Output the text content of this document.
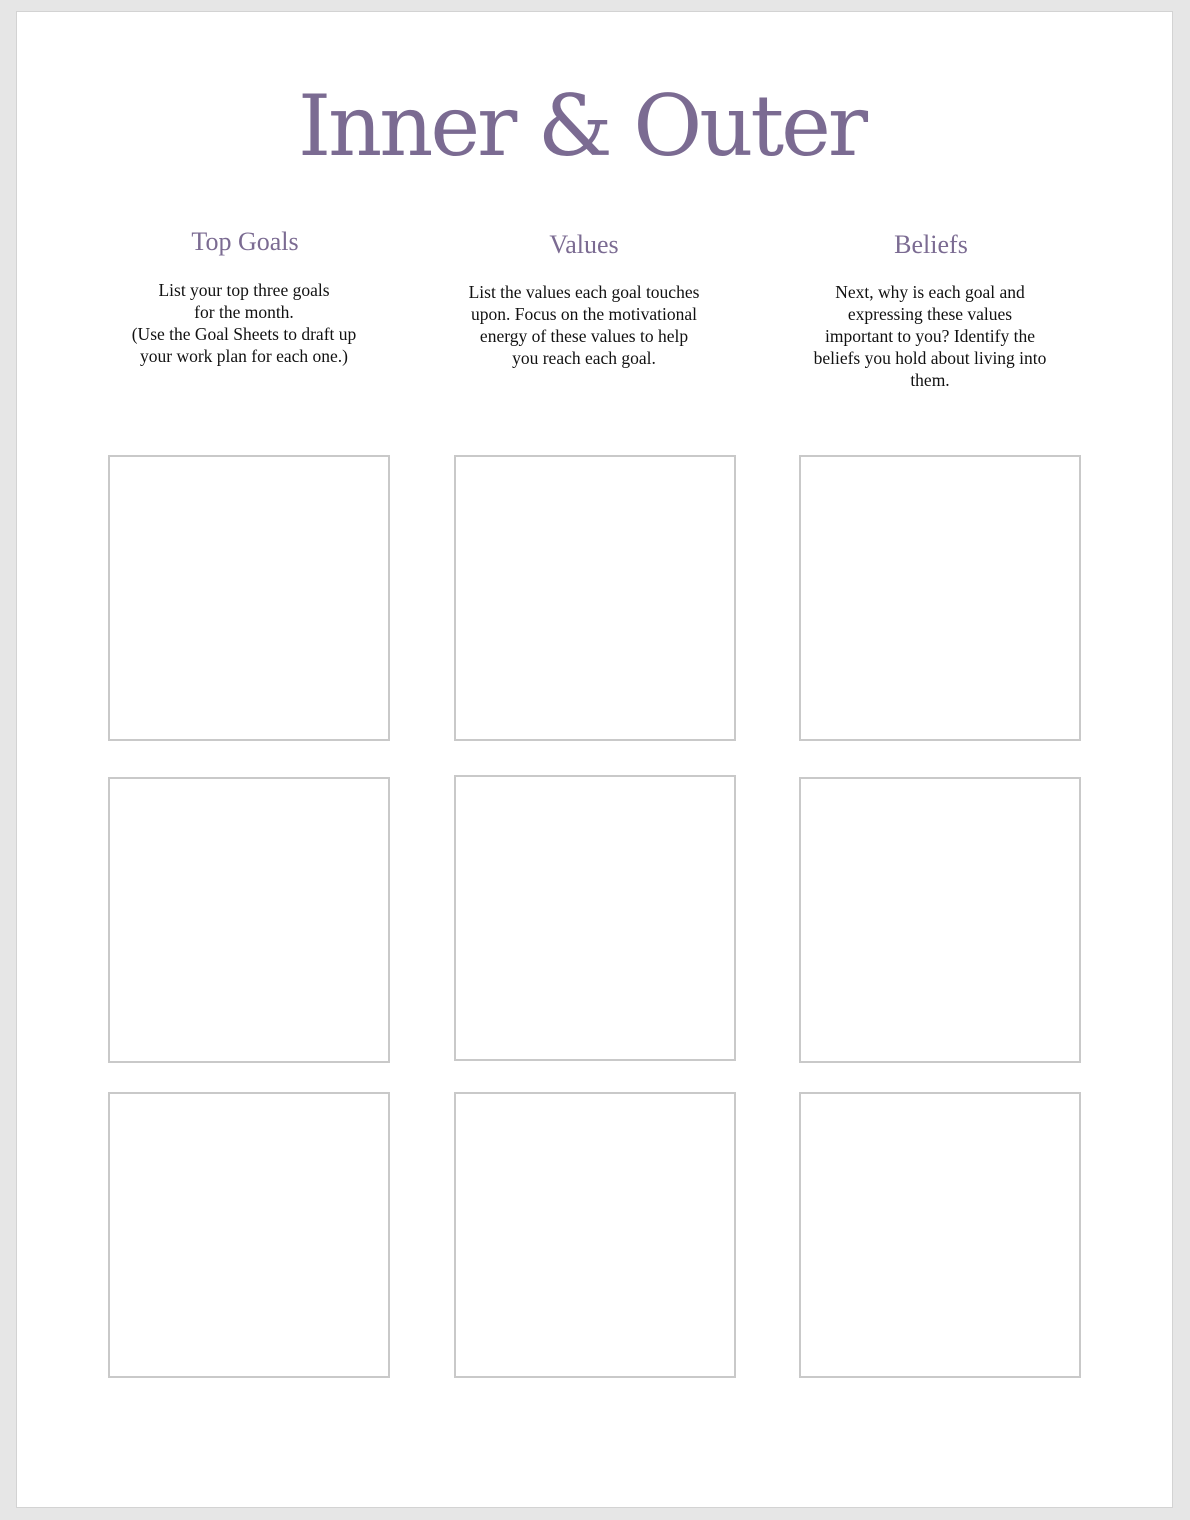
Inner & Outer
Top Goals

List your top three goals
for the month.
(Use the Goal Sheets to draft up
your work plan for each one.)

Values

List the values each goal touches
upon. Focus on the motivational
energy of these values to help
you reach each goal.

Beliefs

Next, why is each goal and
expressing these values
important to you? Identify the
beliefs you hold about living into
them.
